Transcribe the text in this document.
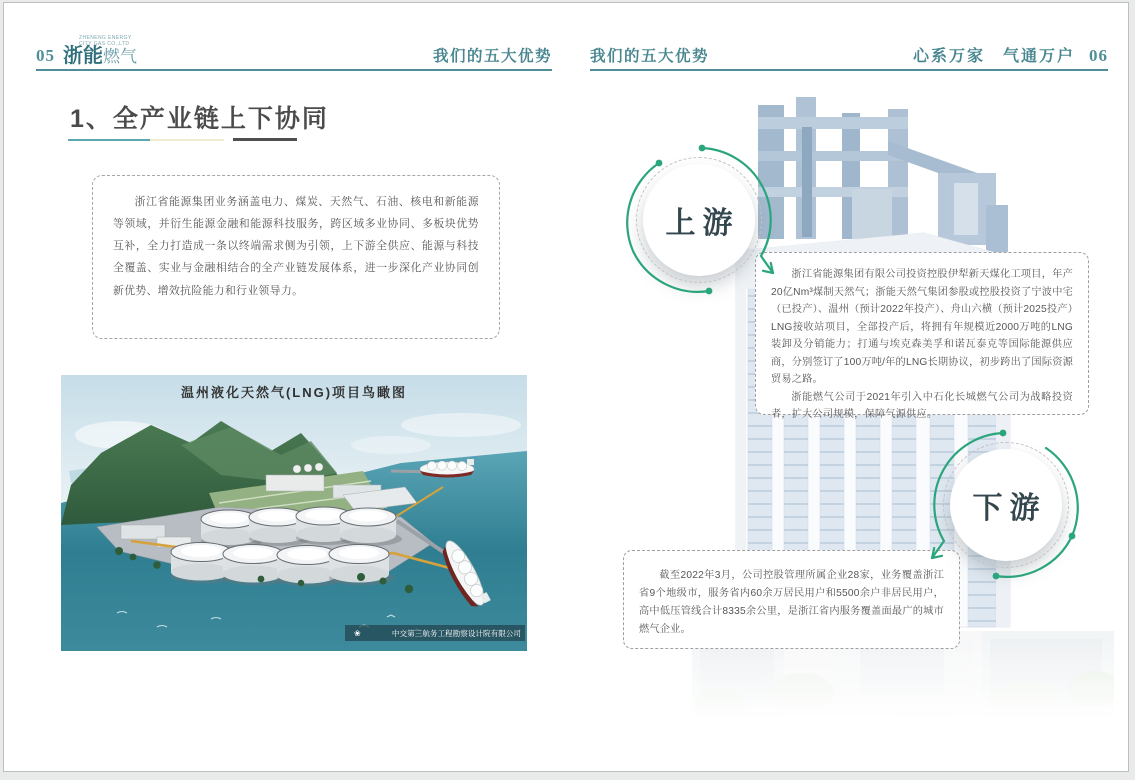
05
ZHENENG ENERGY
CITY GAS CO.,LTD
浙能燃气	我们的五大优势 我们的五大优势	心系万家　气通万户 06
1、全产业链上下协同

浙江省能源集团业务涵盖电力、煤炭、天然气、石油、核电和新能源等领域，并衍生能源金融和能源科技服务，跨区域多业协同、多板块优势互补，全力打造成一条以终端需求侧为引领，上下游全供应、能源与科技全覆盖、实业与金融相结合的全产业链发展体系，进一步深化产业协同创新优势、增效抗险能力和行业领导力。

温州液化天然气(LNG)项目鸟瞰图
❀	中交第三航务工程勘察设计院有限公司
上游

浙江省能源集团有限公司投资控股伊犁新天煤化工项目，年产20亿Nm³煤制天然气；浙能天然气集团参股或控股投资了宁波中宅（已投产）、温州（预计2022年投产）、舟山六横（预计2025投产）LNG接收站项目，全部投产后，将拥有年规模近2000万吨的LNG装卸及分销能力；打通与埃克森美孚和诺瓦泰克等国际能源供应商，分别签订了100万吨/年的LNG长期协议，初步跨出了国际资源贸易之路。

浙能燃气公司于2021年引入中石化长城燃气公司为战略投资者，扩大公司规模，保障气源供应。

下游

截至2022年3月，公司控股管理所属企业28家，业务覆盖浙江省9个地级市，服务省内60余万居民用户和5500余户非居民用户，高中低压管线合计8335余公里，是浙江省内服务覆盖面最广的城市燃气企业。
